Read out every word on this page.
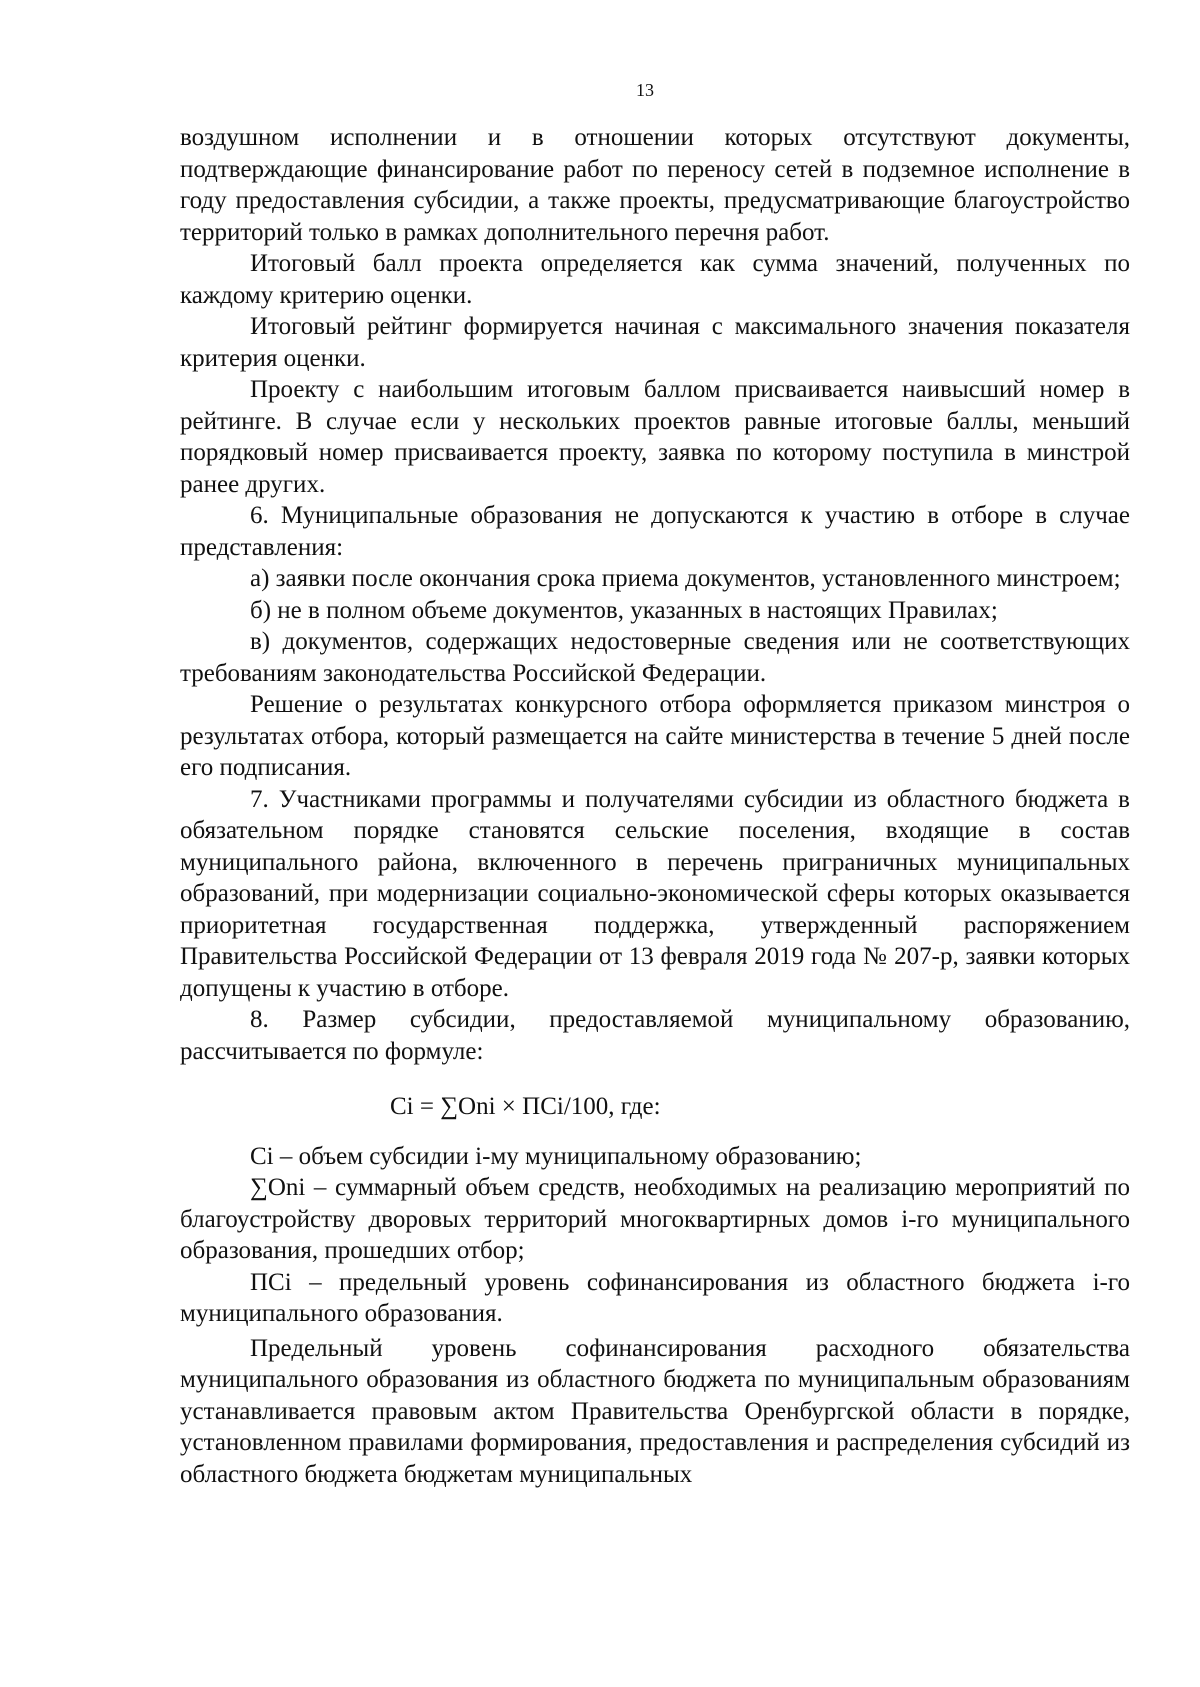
13

воздушном исполнении и в отношении которых отсутствуют документы, подтверждающие финансирование работ по переносу сетей в подземное исполнение в году предоставления субсидии, а также проекты, предусматривающие благоустройство территорий только в рамках дополнительного перечня работ.

Итоговый балл проекта определяется как сумма значений, полученных по каждому критерию оценки.

Итоговый рейтинг формируется начиная с максимального значения показателя критерия оценки.

Проекту с наибольшим итоговым баллом присваивается наивысший номер в рейтинге. В случае если у нескольких проектов равные итоговые баллы, меньший порядковый номер присваивается проекту, заявка по которому поступила в минстрой ранее других.

6. Муниципальные образования не допускаются к участию в отборе в случае представления:

а) заявки после окончания срока приема документов, установленного минстроем;

б) не в полном объеме документов, указанных в настоящих Правилах;

в) документов, содержащих недостоверные сведения или не соответствующих требованиям законодательства Российской Федерации.

Решение о результатах конкурсного отбора оформляется приказом минстроя о результатах отбора, который размещается на сайте министерства в течение 5 дней после его подписания.

7. Участниками программы и получателями субсидии из областного бюджета в обязательном порядке становятся сельские поселения, входящие в состав муниципального района, включенного в перечень приграничных муниципальных образований, при модернизации социально-экономической сферы которых оказывается приоритетная государственная поддержка, утвержденный распоряжением Правительства Российской Федерации от 13 февраля 2019 года № 207-р, заявки которых допущены к участию в отборе.

8. Размер субсидии, предоставляемой муниципальному образованию, рассчитывается по формуле:

Ci = ∑Oni × ПCi/100, где:

Ci – объем субсидии i-му муниципальному образованию;

∑Oni – суммарный объем средств, необходимых на реализацию мероприятий по благоустройству дворовых территорий многоквартирных домов i-го муниципального образования, прошедших отбор;

ПCi – предельный уровень софинансирования из областного бюджета i-го муниципального образования.

Предельный уровень софинансирования расходного обязательства муниципального образования из областного бюджета по муниципальным образованиям устанавливается правовым актом Правительства Оренбургской области в порядке, установленном правилами формирования, предоставления и распределения субсидий из областного бюджета бюджетам муниципальных
